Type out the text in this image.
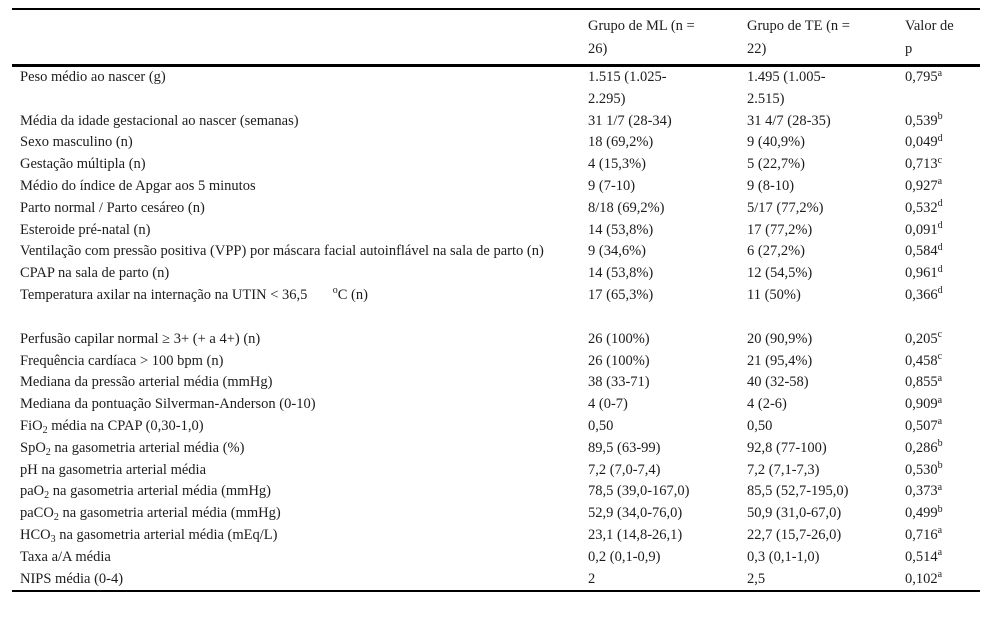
	Grupo de ML (n = 26)	Grupo de TE (n = 22)	Valor de p

Peso médio ao nascer (g)	1.515 (1.025-2.295)	1.495 (1.005-2.515)	0,795$^a$
Média da idade gestacional ao nascer (semanas)	31 1/7 (28-34)	31 4/7 (28-35)	0,539$^b$
Sexo masculino (n)	18 (69,2%)	9 (40,9%)	0,049$^d$
Gestação múltipla (n)	4 (15,3%)	5 (22,7%)	0,713$^c$
Médio do índice de Apgar aos 5 minutos	9 (7-10)	9 (8-10)	0,927$^a$
Parto normal / Parto cesáreo (n)	8/18 (69,2%)	5/17 (77,2%)	0,532$^d$
Esteroide pré-natal (n)	14 (53,8%)	17 (77,2%)	0,091$^d$
Ventilação com pressão positiva (VPP) por máscara facial autoinflável na sala de parto (n)	9 (34,6%)	6 (27,2%)	0,584$^d$
CPAP na sala de parto (n)	14 (53,8%)	12 (54,5%)	0,961$^d$
Temperatura axilar na internação na UTIN < 36,5       $^o$C (n)	17 (65,3%)	11 (50%)	0,366$^d$

Perfusão capilar normal ≥ 3+ (+ a 4+) (n)	26 (100%)	20 (90,9%)	0,205$^c$
Frequência cardíaca > 100 bpm (n)	26 (100%)	21 (95,4%)	0,458$^c$
Mediana da pressão arterial média (mmHg)	38 (33-71)	40 (32-58)	0,855$^a$
Mediana da pontuação Silverman-Anderson (0-10)	4 (0-7)	4 (2-6)	0,909$^a$
FiO$_2$ média na CPAP (0,30-1,0)	0,50	0,50	0,507$^a$
SpO$_2$ na gasometria arterial média (%)	89,5 (63-99)	92,8 (77-100)	0,286$^b$
pH na gasometria arterial média	7,2 (7,0-7,4)	7,2 (7,1-7,3)	0,530$^b$
paO$_2$ na gasometria arterial média (mmHg)	78,5 (39,0-167,0)	85,5 (52,7-195,0)	0,373$^a$
paCO$_2$ na gasometria arterial média (mmHg)	52,9 (34,0-76,0)	50,9 (31,0-67,0)	0,499$^b$
$HCO_3$ na gasometria arterial média (mEq/L)	23,1 (14,8-26,1)	22,7 (15,7-26,0)	0,716$^a$
Taxa a/A média	0,2 (0,1-0,9)	0,3 (0,1-1,0)	0,514$^a$
NIPS média (0-4)	2	2,5	0,102$^a$
